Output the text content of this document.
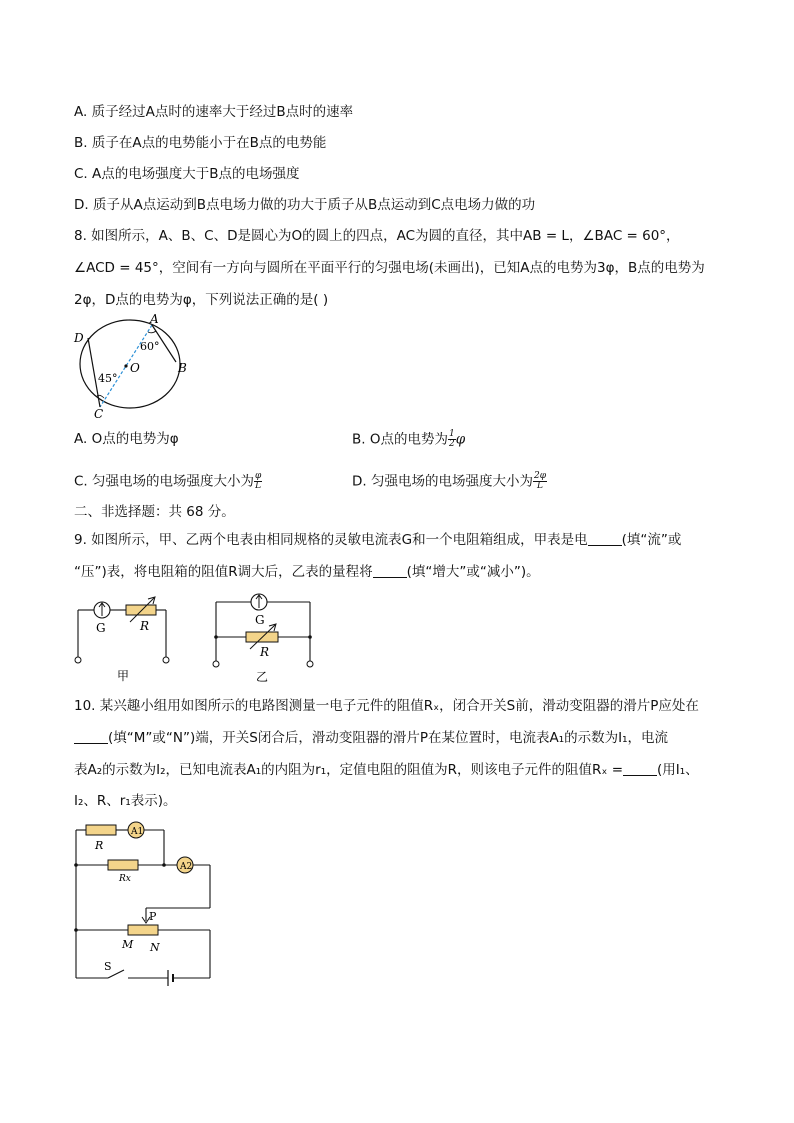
A. 质子经过A点时的速率大于经过B点时的速率
B. 质子在A点的电势能小于在B点的电势能
C. A点的电场强度大于B点的电场强度
D. 质子从A点运动到B点电场力做的功大于质子从B点运动到C点电场力做的功
8. 如图所示，A、B、C、D是圆心为O的圆上的四点，AC为圆的直径，其中AB = L，∠BAC = 60°，
∠ACD = 45°，空间有一方向与圆所在平面平行的匀强电场(未画出)，已知A点的电势为3φ，B点的电势为
2φ，D点的电势为φ，下列说法正确的是( )
A
B
C
D
O
60°
45°
A. O点的电势为φ	B. O点的电势为 $\frac{1}{2}$ φ
C. 匀强电场的电场强度大小为 $\frac{\varphi}{L}$	D. 匀强电场的电场强度大小为 $\frac{2\varphi}{L}$
二、非选择题：共 68 分。
9. 如图所示，甲、乙两个电表由相同规格的灵敏电流表G和一个电阻箱组成，甲表是电	(填“流”或
“压”)表，将电阻箱的阻值R调大后，乙表的量程将	(填“增大”或“减小”)。
G	R
甲
G
R
乙
10. 某兴趣小组用如图所示的电路图测量一电子元件的阻值Rₓ，闭合开关S前，滑动变阻器的滑片P应处在
(填“M”或“N”)端，开关S闭合后，滑动变阻器的滑片P在某位置时，电流表A₁的示数为I₁，电流
表A₂的示数为I₂，已知电流表A₁的内阻为r₁，定值电阻的阻值为R，则该电子元件的阻值Rₓ =	(用I₁、
I₂、R、r₁表示)。
A1
R
Rx
A2
P
M N
S
